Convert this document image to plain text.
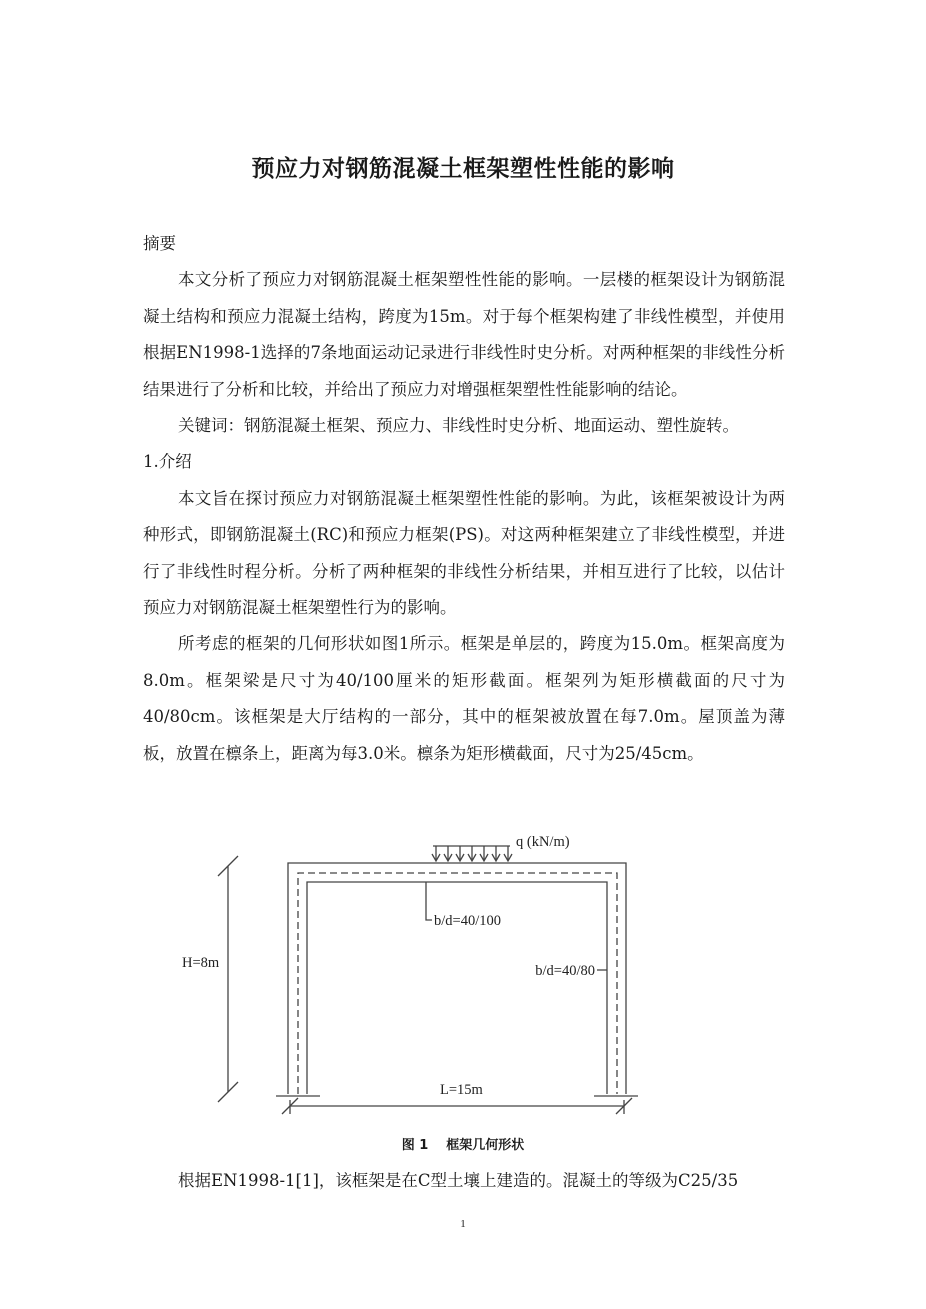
预应力对钢筋混凝土框架塑性性能的影响

摘要

本文分析了预应力对钢筋混凝土框架塑性性能的影响。一层楼的框架设计为钢筋混凝土结构和预应力混凝土结构，跨度为15m。对于每个框架构建了非线性模型，并使用根据EN1998-1选择的7条地面运动记录进行非线性时史分析。对两种框架的非线性分析结果进行了分析和比较，并给出了预应力对增强框架塑性性能影响的结论。

关键词：钢筋混凝土框架、预应力、非线性时史分析、地面运动、塑性旋转。

1.介绍

本文旨在探讨预应力对钢筋混凝土框架塑性性能的影响。为此，该框架被设计为两种形式，即钢筋混凝土(RC)和预应力框架(PS)。对这两种框架建立了非线性模型，并进行了非线性时程分析。分析了两种框架的非线性分析结果，并相互进行了比较，以估计预应力对钢筋混凝土框架塑性行为的影响。

所考虑的框架的几何形状如图1所示。框架是单层的，跨度为15.0m。框架高度为8.0m。框架梁是尺寸为40/100厘米的矩形截面。框架列为矩形横截面的尺寸为40/80cm。该框架是大厅结构的一部分，其中的框架被放置在每7.0m。屋顶盖为薄板，放置在檩条上，距离为每3.0米。檩条为矩形横截面，尺寸为25/45cm。

q (kN/m)
b/d=40/100
b/d=40/80
H=8m
L=15m
图 1 框架几何形状
根据EN1998-1[1]，该框架是在C型土壤上建造的。混凝土的等级为C25/35
1
